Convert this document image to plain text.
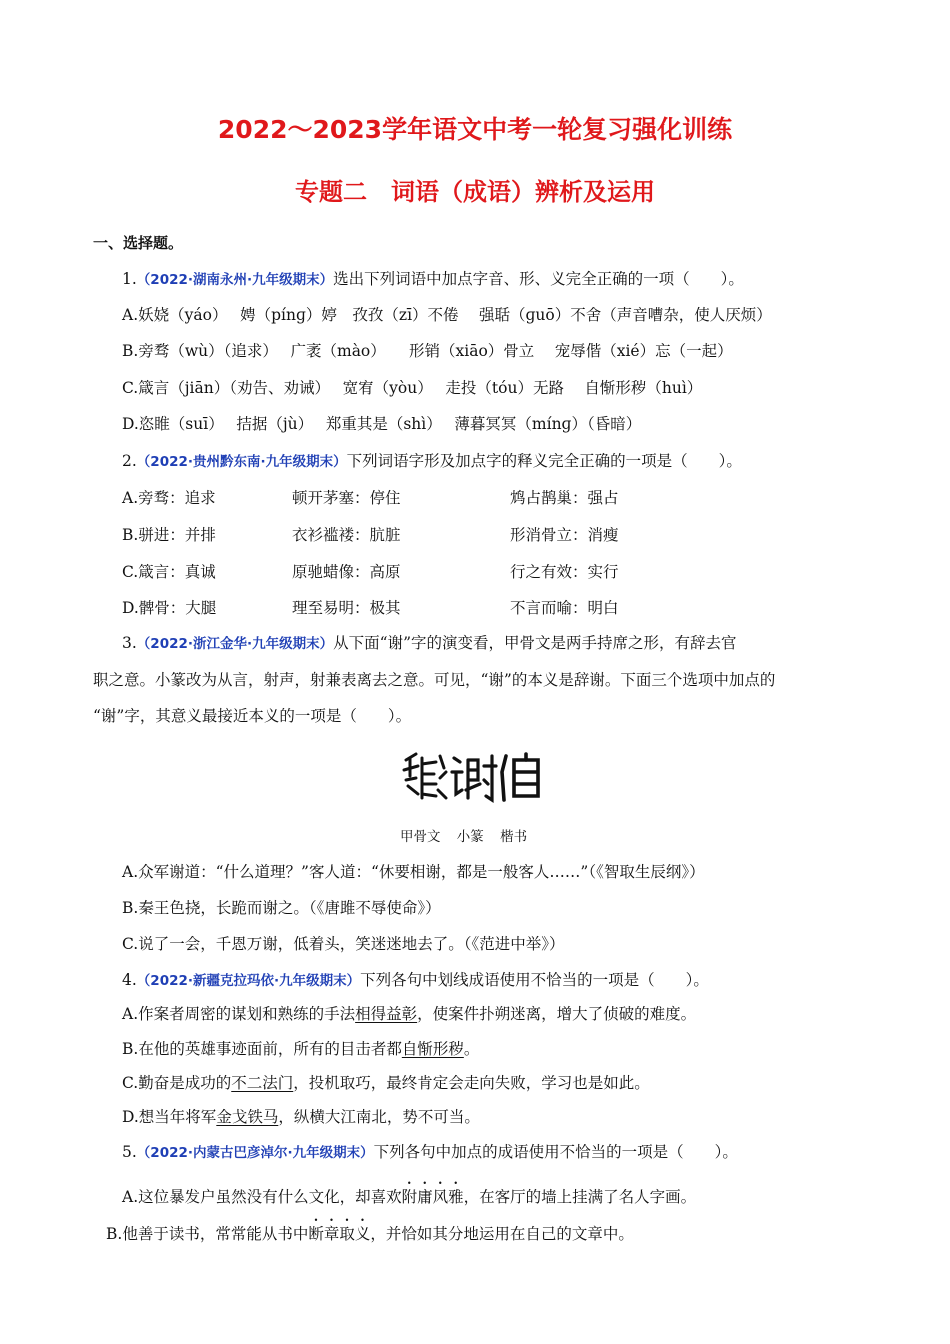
2022～2023学年语文中考一轮复习强化训练
专题二　词语（成语）辨析及运用
一、选择题。
1.（2022·湖南永州·九年级期末）选出下列词语中加点字音、形、义完全正确的一项（　　）。
A.妖娆（yáo）　 娉（pínɡ）婷　孜孜（zī）不倦　 强聒（ɡuō）不舍（声音嘈杂，使人厌烦）
B.旁骛（wù）（追求）　 广袤（mào）　　形销（xiāo）骨立　 宠辱偕（xié）忘（一起）
C.箴言（jiān）（劝告、劝诫）　 宽宥（yòu）　 走投（tóu）无路　 自惭形秽（huì）
D.恣睢（suī）　 拮据（jù）　 郑重其是（shì）　 薄暮冥冥（mínɡ）（昏暗）
2.（2022·贵州黔东南·九年级期末）下列词语字形及加点字的释义完全正确的一项是（　　）。
A.旁骛：追求	顿开茅塞：停住	鸩占鹊巢：强占
B.骈进：并排	衣衫褴褛：肮脏	形消骨立：消瘦
C.箴言：真诚	原驰蜡像：高原	行之有效：实行
D.髀骨：大腿	理至易明：极其	不言而喻：明白
3.（2022·浙江金华·九年级期末）从下面“谢”字的演变看，甲骨文是两手持席之形，有辞去官
职之意。小篆改为从言，射声，射兼表离去之意。可见，“谢”的本义是辞谢。下面三个选项中加点的
“谢”字，其意义最接近本义的一项是（　　）。
甲骨文 小篆 楷书
A.众军谢道：“什么道理？”客人道：“休要相谢，都是一般客人……”（《智取生辰纲》）
B.秦王色挠，长跪而谢之。（《唐雎不辱使命》）
C.说了一会，千恩万谢，低着头，笑迷迷地去了。（《范进中举》）
4.（2022·新疆克拉玛依·九年级期末）下列各句中划线成语使用不恰当的一项是（　　）。
A.作案者周密的谋划和熟练的手法相得益彰，使案件扑朔迷离，增大了侦破的难度。
B.在他的英雄事迹面前，所有的目击者都自惭形秽。
C.勤奋是成功的不二法门，投机取巧，最终肯定会走向失败，学习也是如此。
D.想当年将军金戈铁马，纵横大江南北，势不可当。
5.（2022·内蒙古巴彦淖尔·九年级期末）下列各句中加点的成语使用不恰当的一项是（　　）。
A.这位暴发户虽然没有什么文化，却喜欢附庸风雅，在客厅的墙上挂满了名人字画。
B.他善于读书，常常能从书中断章取义，并恰如其分地运用在自己的文章中。
